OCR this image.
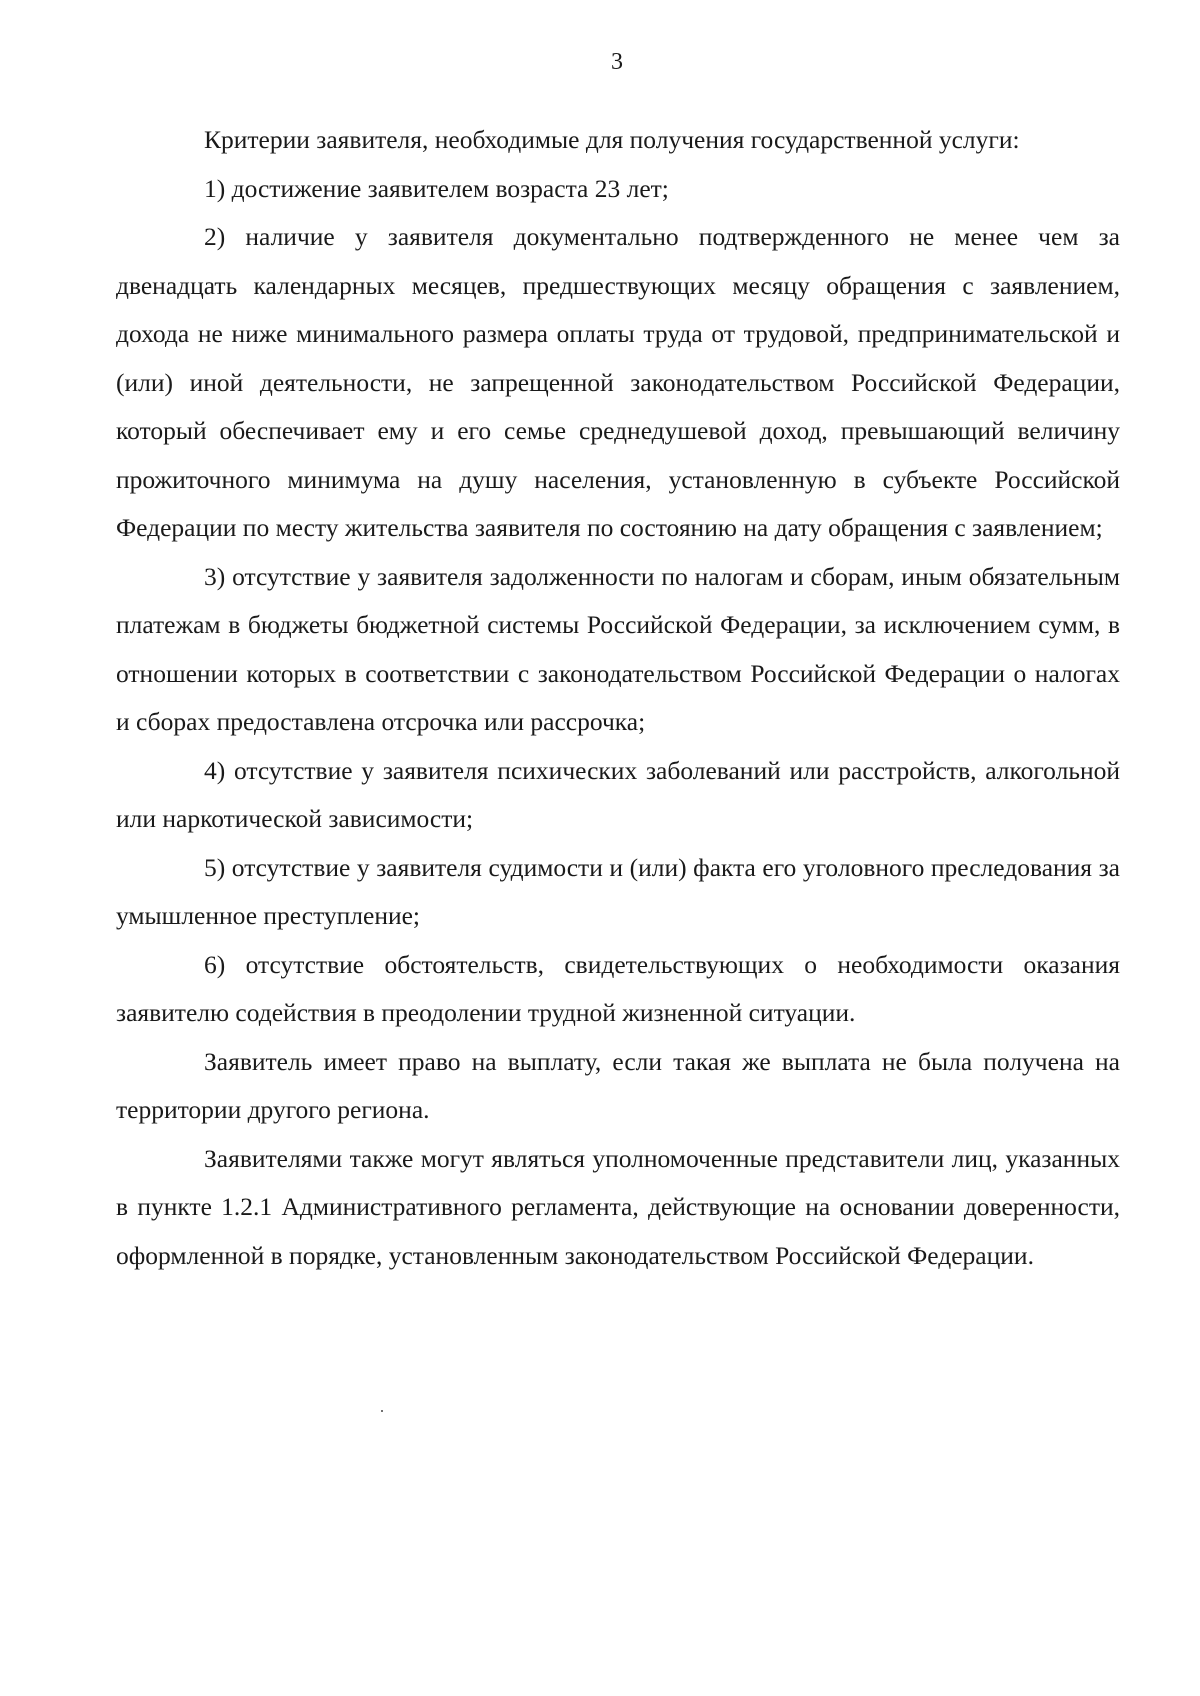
3

Критерии заявителя, необходимые для получения государственной услуги:

1) достижение заявителем возраста 23 лет;

2) наличие у заявителя документально подтвержденного не менее чем за двенадцать календарных месяцев, предшествующих месяцу обращения с заявлением, дохода не ниже минимального размера оплаты труда от трудовой, предпринимательской и (или) иной деятельности, не запрещенной законодательством Российской Федерации, который обеспечивает ему и его семье среднедушевой доход, превышающий величину прожиточного минимума на душу населения, установленную в субъекте Российской Федерации по месту жительства заявителя по состоянию на дату обращения с заявлением;

3) отсутствие у заявителя задолженности по налогам и сборам, иным обязательным платежам в бюджеты бюджетной системы Российской Федерации, за исключением сумм, в отношении которых в соответствии с законодательством Российской Федерации о налогах и сборах предоставлена отсрочка или рассрочка;

4) отсутствие у заявителя психических заболеваний или расстройств, алкогольной или наркотической зависимости;

5) отсутствие у заявителя судимости и (или) факта его уголовного преследования за умышленное преступление;

6) отсутствие обстоятельств, свидетельствующих о необходимости оказания заявителю содействия в преодолении трудной жизненной ситуации.

Заявитель имеет право на выплату, если такая же выплата не была получена на территории другого региона.

Заявителями также могут являться уполномоченные представители лиц, указанных в пункте 1.2.1 Административного регламента, действующие на основании доверенности, оформленной в порядке, установленным законодательством Российской Федерации.
